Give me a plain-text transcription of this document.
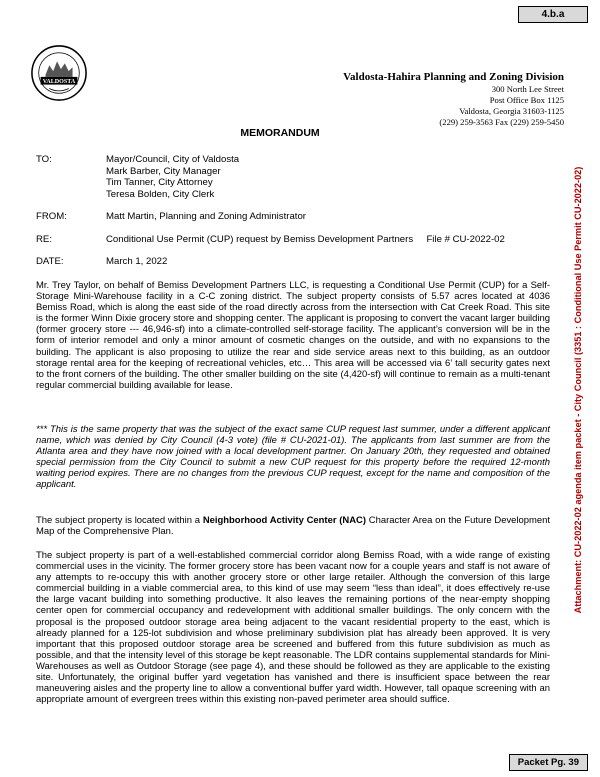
4.b.a
VALDOSTA	Valdosta-Hahira Planning and Zoning Division
300 North Lee Street
Post Office Box 1125
Valdosta, Georgia 31603-1125
(229) 259-3563 Fax (229) 259-5450
MEMORANDUM
TO:	Mayor/Council, City of Valdosta
Mark Barber, City Manager
Tim Tanner, City Attorney
Teresa Bolden, City Clerk
FROM:	Matt Martin, Planning and Zoning Administrator
RE:	Conditional Use Permit (CUP) request by Bemiss Development Partners     File # CU-2022-02
DATE:	March 1, 2022

Mr. Trey Taylor, on behalf of Bemiss Development Partners LLC, is requesting a Conditional Use Permit (CUP) for a Self-Storage Mini-Warehouse facility in a C-C zoning district. The subject property consists of 5.57 acres located at 4036 Bemiss Road, which is along the east side of the road directly across from the intersection with Cat Creek Road. This site is the former Winn Dixie grocery store and shopping center. The applicant is proposing to convert the vacant larger building (former grocery store --- 46,946-sf) into a climate-controlled self-storage facility. The applicant’s conversion will be in the form of interior remodel and only a minor amount of cosmetic changes on the outside, and with no expansions to the building. The applicant is also proposing to utilize the rear and side service areas next to this building, as an outdoor storage rental area for the keeping of recreational vehicles, etc… This area will be accessed via 6’ tall security gates next to the front corners of the building. The other smaller building on the site (4,420-sf) will continue to remain as a multi-tenant regular commercial building available for lease.

*** This is the same property that was the subject of the exact same CUP request last summer, under a different applicant name, which was denied by City Council (4-3 vote) (file # CU-2021-01). The applicants from last summer are from the Atlanta area and they have now joined with a local development partner. On January 20th, they requested and obtained special permission from the City Council to submit a new CUP request for this property before the required 12-month waiting period expires. There are no changes from the previous CUP request, except for the name and composition of the applicant.

The subject property is located within a Neighborhood Activity Center (NAC) Character Area on the Future Development Map of the Comprehensive Plan.

The subject property is part of a well-established commercial corridor along Bemiss Road, with a wide range of existing commercial uses in the vicinity. The former grocery store has been vacant now for a couple years and staff is not aware of any attempts to re-occupy this with another grocery store or other large retailer. Although the conversion of this large commercial building in a viable commercial area, to this kind of use may seem “less than ideal”, it does effectively re-use the large vacant building into something productive. It also leaves the remaining portions of the near-empty shopping center open for commercial occupancy and redevelopment with additional smaller buildings. The only concern with the proposal is the proposed outdoor storage area being adjacent to the vacant residential property to the east, which is already planned for a 125-lot subdivision and whose preliminary subdivision plat has already been approved. It is very important that this proposed outdoor storage area be screened and buffered from this future subdivision as much as possible, and that the intensity level of this storage be kept reasonable. The LDR contains supplemental standards for Mini-Warehouses as well as Outdoor Storage (see page 4), and these should be followed as they are applicable to the existing site. Unfortunately, the original buffer yard vegetation has vanished and there is insufficient space between the rear maneuvering aisles and the property line to allow a conventional buffer yard width. However, tall opaque screening with an appropriate amount of evergreen trees within this existing non-paved perimeter area should suffice.

Attachment: CU-2022-02 agenda item packet - City Council (3351 : Conditional Use Permit CU-2022-02)
Packet Pg. 39
